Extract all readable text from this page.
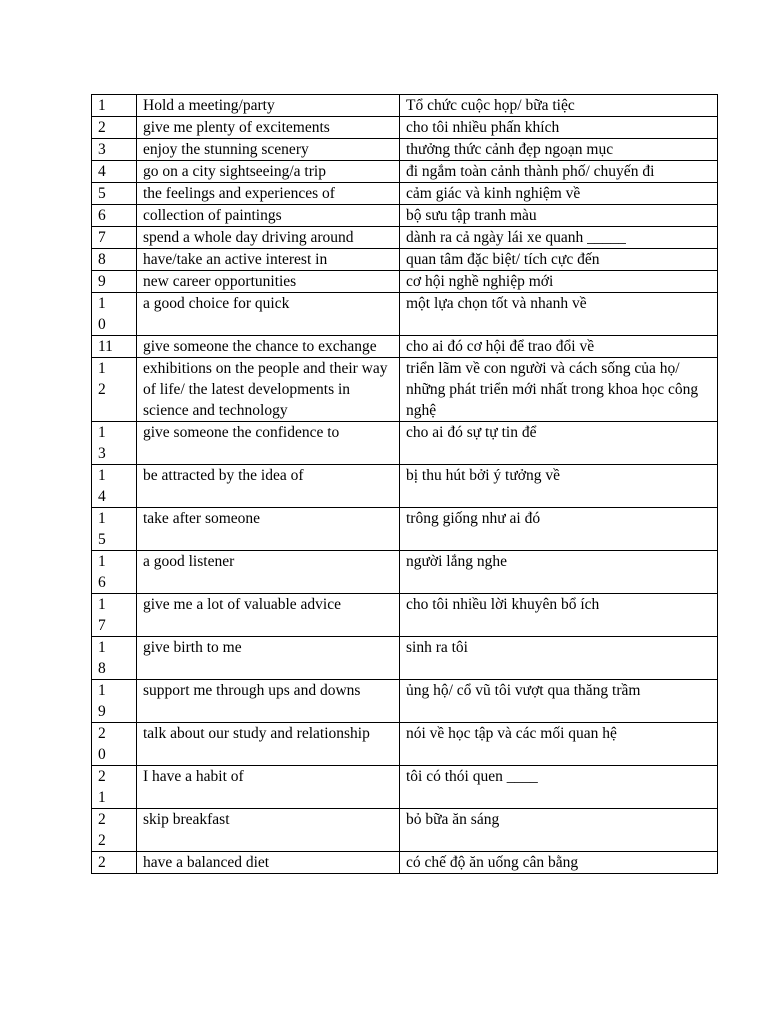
1	Hold a meeting/party	Tổ chức cuộc họp/ bữa tiệc

2	give me plenty of excitements	cho tôi nhiều phấn khích

3	enjoy the stunning scenery	thưởng thức cảnh đẹp ngoạn mục

4	go on a city sightseeing/a trip	đi ngắm toàn cảnh thành phố/ chuyến đi

5	the feelings and experiences of	cảm giác và kinh nghiệm về

6	collection of paintings	bộ sưu tập tranh màu

7	spend a whole day driving around	dành ra cả ngày lái xe quanh _____

8	have/take an active interest in	quan tâm đặc biệt/ tích cực đến

9	new career opportunities	cơ hội nghề nghiệp mới

10	a good choice for quick	một lựa chọn tốt và nhanh về
11	give someone the chance to exchange	cho ai đó cơ hội để trao đổi về

12	exhibitions on the people and their way of life/ the latest developments in science and technology	triển lãm về con người và cách sống của họ/ những phát triển mới nhất trong khoa học công nghệ

13	give someone the confidence to	cho ai đó sự tự tin để

14	be attracted by the idea of	bị thu hút bởi ý tưởng về

15	take after someone	trông giống như ai đó

16	a good listener	người lắng nghe

17	give me a lot of valuable advice	cho tôi nhiều lời khuyên bổ ích

18	give birth to me	sinh ra tôi

19	support me through ups and downs	ủng hộ/ cổ vũ tôi vượt qua thăng trầm

20	talk about our study and relationship	nói về học tập và các mối quan hệ

21	I have a habit of	tôi có thói quen ____

22	skip breakfast	bỏ bữa ăn sáng

2	have a balanced diet	có chế độ ăn uống cân bằng
